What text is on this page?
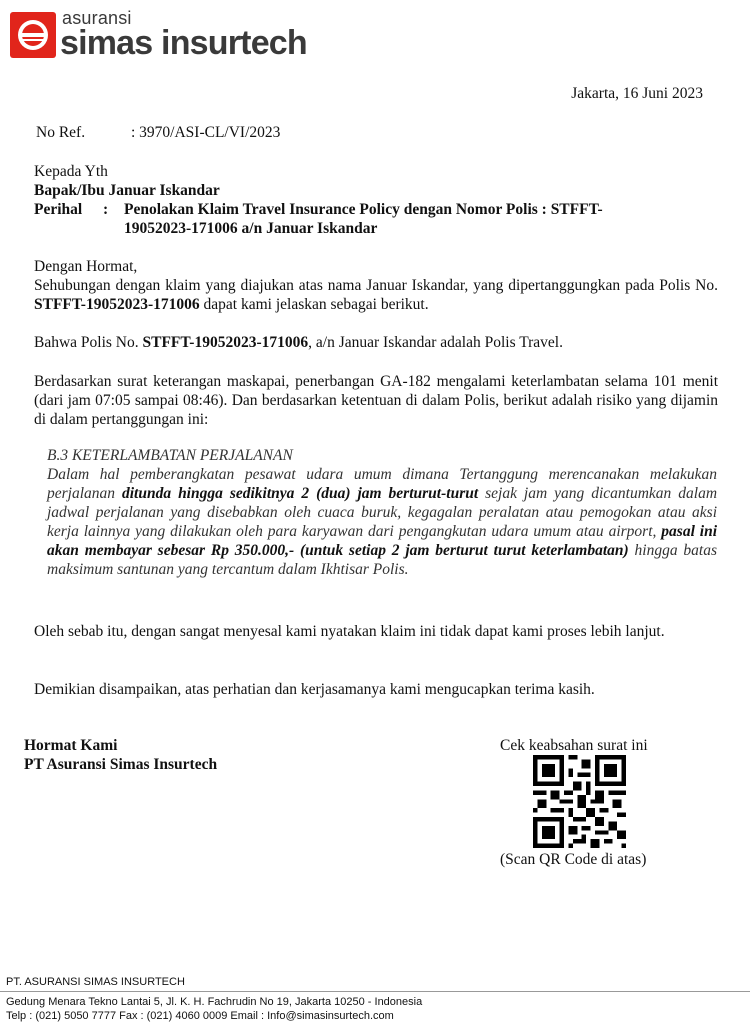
asuransi
simas insurtech
Jakarta, 16 Juni 2023
No Ref.	: 3970/ASI-CL/VI/2023
Kepada Yth
Bapak/Ibu Januar Iskandar
Perihal : Penolakan Klaim Travel Insurance Policy dengan Nomor Polis : STFFT-19052023-171006 a/n Januar Iskandar
Dengan Hormat,
Sehubungan dengan klaim yang diajukan atas nama Januar Iskandar, yang dipertanggungkan pada Polis No. STFFT-19052023-171006 dapat kami jelaskan sebagai berikut.
Bahwa Polis No. STFFT-19052023-171006, a/n Januar Iskandar adalah Polis Travel.
Berdasarkan surat keterangan maskapai, penerbangan GA-182 mengalami keterlambatan selama 101 menit (dari jam 07:05 sampai 08:46). Dan berdasarkan ketentuan di dalam Polis, berikut adalah risiko yang dijamin di dalam pertanggungan ini:
B.3 KETERLAMBATAN PERJALANAN
Dalam hal pemberangkatan pesawat udara umum dimana Tertanggung merencanakan melakukan perjalanan ditunda hingga sedikitnya 2 (dua) jam berturut-turut sejak jam yang dicantumkan dalam jadwal perjalanan yang disebabkan oleh cuaca buruk, kegagalan peralatan atau pemogokan atau aksi kerja lainnya yang dilakukan oleh para karyawan dari pengangkutan udara umum atau airport, pasal ini akan membayar sebesar Rp 350.000,- (untuk setiap 2 jam berturut turut keterlambatan) hingga batas maksimum santunan yang tercantum dalam Ikhtisar Polis.
Oleh sebab itu, dengan sangat menyesal kami nyatakan klaim ini tidak dapat kami proses lebih lanjut.
Demikian disampaikan, atas perhatian dan kerjasamanya kami mengucapkan terima kasih.
Hormat Kami
PT Asuransi Simas Insurtech
Cek keabsahan surat ini
(Scan QR Code di atas)
PT. ASURANSI SIMAS INSURTECH
Gedung Menara Tekno Lantai 5, Jl. K. H. Fachrudin No 19, Jakarta 10250 - Indonesia
Telp : (021) 5050 7777 Fax : (021) 4060 0009 Email : Info@simasinsurtech.com
